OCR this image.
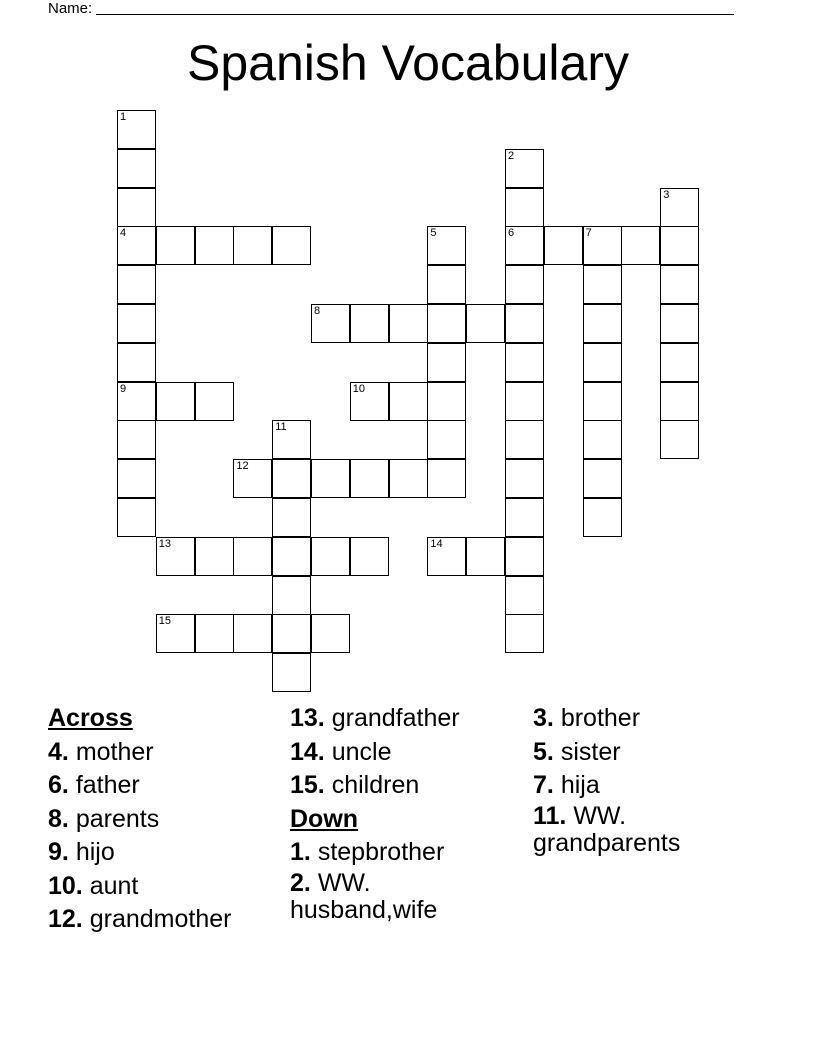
Name:
Spanish Vocabulary
4	6	7
8
9	10
12
13	14
15
1
2
3
5
11
Across
4. mother
6. father
8. parents
9. hijo
10. aunt
12. grandmother
13. grandfather
14. uncle
15. children
Down
1. stepbrother
2. WW. husband,wife
3. brother
5. sister
7. hija
11. WW. grandparents
